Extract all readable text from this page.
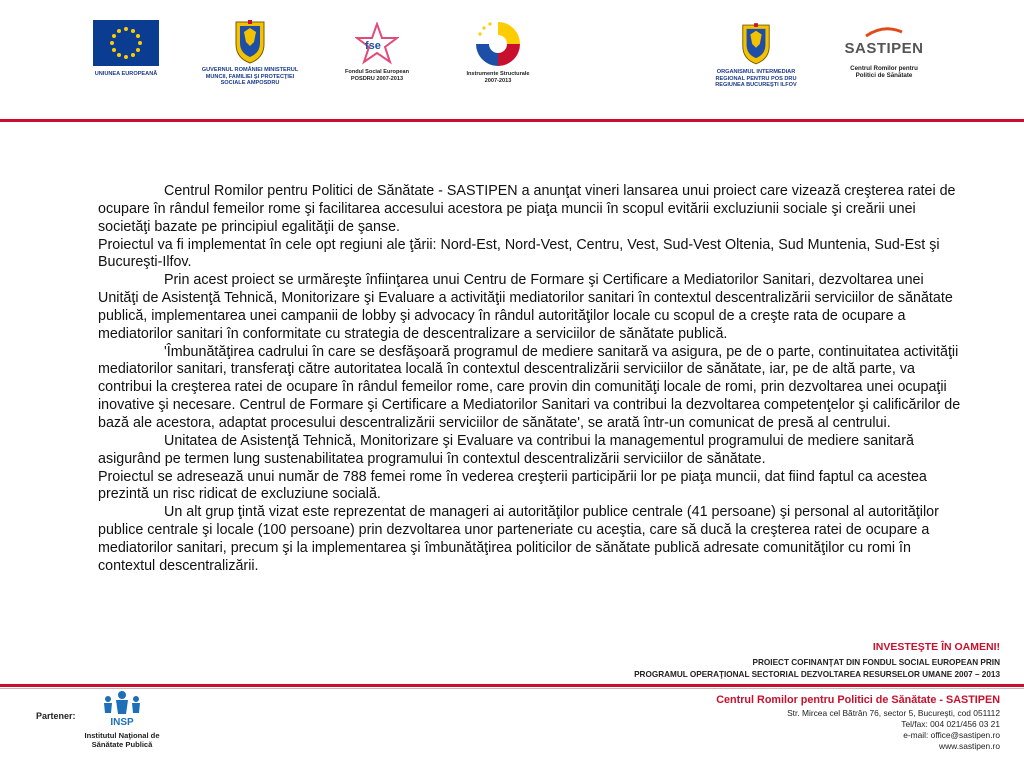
UNIUNEA EUROPEANĂ
GUVERNUL ROMÂNIEI MINISTERUL MUNCII, FAMILIEI ŞI PROTECŢIEI SOCIALE AMPOSDRU
fse
Fondul Social European POSDRU 2007-2013
Instrumente Structurale 2007-2013
ORGANISMUL INTERMEDIAR REGIONAL PENTRU POS DRU REGIUNEA BUCUREŞTI ILFOV
SASTIPEN
Centrul Romilor pentru Politici de Sănătate

Centrul Romilor pentru Politici de Sănătate - SASTIPEN a anunţat vineri lansarea unui proiect care vizează creşterea ratei de ocupare în rândul femeilor rome şi facilitarea accesului acestora pe piaţa muncii în scopul evitării excluziunii sociale şi creării unei societăţi bazate pe principiul egalităţii de şanse.

Proiectul va fi implementat în cele opt regiuni ale ţării: Nord-Est, Nord-Vest, Centru, Vest, Sud-Vest Oltenia, Sud Muntenia, Sud-Est şi Bucureşti-Ilfov.

Prin acest proiect se urmăreşte înfiinţarea unui Centru de Formare şi Certificare a Mediatorilor Sanitari, dezvoltarea unei Unităţi de Asistenţă Tehnică, Monitorizare şi Evaluare a activităţii mediatorilor sanitari în contextul descentralizării serviciilor de sănătate publică, implementarea unei campanii de lobby şi advocacy în rândul autorităţilor locale cu scopul de a creşte rata de ocupare a mediatorilor sanitari în conformitate cu strategia de descentralizare a serviciilor de sănătate publică.

'Îmbunătăţirea cadrului în care se desfăşoară programul de mediere sanitară va asigura, pe de o parte, continuitatea activităţii mediatorilor sanitari, transferaţi către autoritatea locală în contextul descentralizării serviciilor de sănătate, iar, pe de altă parte, va contribui la creşterea ratei de ocupare în rândul femeilor rome, care provin din comunităţi locale de romi, prin dezvoltarea unei ocupaţii inovative şi necesare. Centrul de Formare şi Certificare a Mediatorilor Sanitari va contribui la dezvoltarea competenţelor şi calificărilor de bază ale acestora, adaptat procesului descentralizării serviciilor de sănătate', se arată într-un comunicat de presă al centrului.

Unitatea de Asistenţă Tehnică, Monitorizare şi Evaluare va contribui la managementul programului de mediere sanitară asigurând pe termen lung sustenabilitatea programului în contextul descentralizării serviciilor de sănătate.

Proiectul se adresează unui număr de 788 femei rome în vederea creşterii participării lor pe piaţa muncii, dat fiind faptul ca acestea prezintă un risc ridicat de excluziune socială.

Un alt grup ţintă vizat este reprezentat de manageri ai autorităţilor publice centrale (41 persoane) şi personal al autorităţilor publice centrale şi locale (100 persoane) prin dezvoltarea unor parteneriate cu aceştia, care să ducă la creşterea ratei de ocupare a mediatorilor sanitari, precum şi la implementarea şi îmbunătăţirea politicilor de sănătate publică adresate comunităţilor cu romi în contextul descentralizării.

INVESTEŞTE ÎN OAMENI!
PROIECT COFINANŢAT DIN FONDUL SOCIAL EUROPEAN PRIN
PROGRAMUL OPERAŢIONAL SECTORIAL DEZVOLTAREA RESURSELOR UMANE 2007 – 2013
Partener:
INSP
Institutul Naţional de Sănătate Publică
Centrul Romilor pentru Politici de Sănătate - SASTIPEN
Str. Mircea cel Bătrân 76, sector 5, Bucureşti, cod 051112
Tel/fax: 004 021/456 03 21
e-mail: office@sastipen.ro
www.sastipen.ro
